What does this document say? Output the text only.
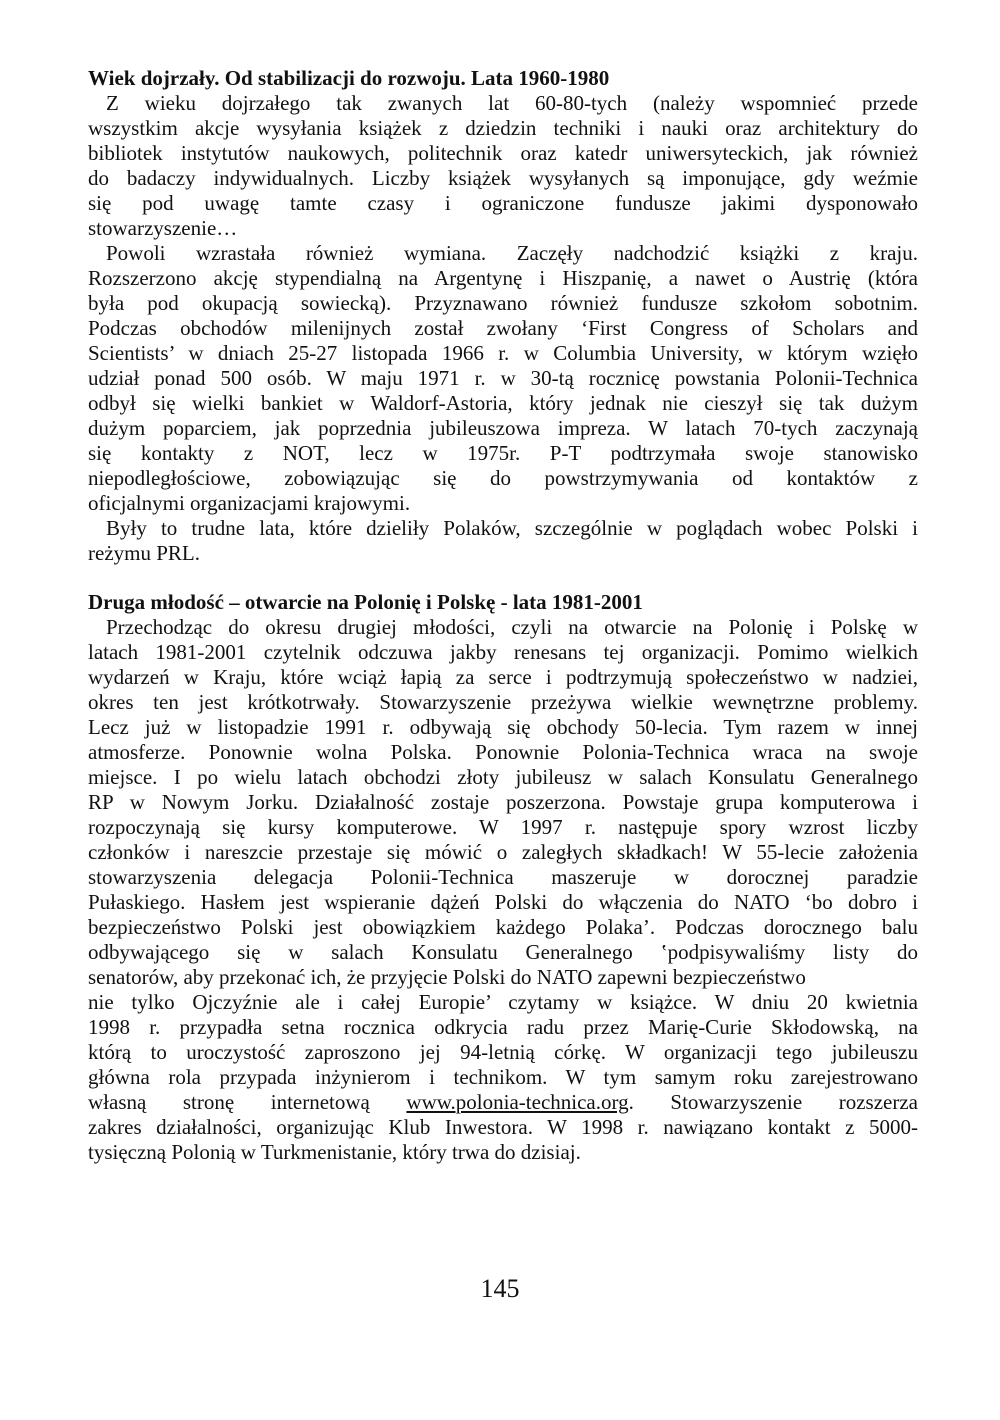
Wiek dojrzały. Od stabilizacji do rozwoju. Lata 1960-1980
Z wieku dojrzałego tak zwanych lat 60-80-tych (należy wspomnieć przede
wszystkim akcje wysyłania książek z dziedzin techniki i nauki oraz architektury do
bibliotek instytutów naukowych, politechnik oraz katedr uniwersyteckich, jak również
do badaczy indywidualnych. Liczby książek wysyłanych są imponujące, gdy weźmie
się pod uwagę tamte czasy i ograniczone fundusze jakimi dysponowało
stowarzyszenie…
Powoli wzrastała również wymiana. Zaczęły nadchodzić książki z kraju.
Rozszerzono akcję stypendialną na Argentynę i Hiszpanię, a nawet o Austrię (która
była pod okupacją sowiecką). Przyznawano również fundusze szkołom sobotnim.
Podczas obchodów milenijnych został zwołany ‘First Congress of Scholars and
Scientists’ w dniach 25-27 listopada 1966 r. w Columbia University, w którym wzięło
udział ponad 500 osób. W maju 1971 r. w 30-tą rocznicę powstania Polonii-Technica
odbył się wielki bankiet w Waldorf-Astoria, który jednak nie cieszył się tak dużym
dużym poparciem, jak poprzednia jubileuszowa impreza. W latach 70-tych zaczynają
się kontakty z NOT, lecz w 1975r. P-T podtrzymała swoje stanowisko
niepodległościowe, zobowiązując się do powstrzymywania od kontaktów z
oficjalnymi organizacjami krajowymi.
Były to trudne lata, które dzieliły Polaków, szczególnie w poglądach wobec Polski i
reżymu PRL.
Druga młodość – otwarcie na Polonię i Polskę - lata 1981-2001
Przechodząc do okresu drugiej młodości, czyli na otwarcie na Polonię i Polskę w
latach 1981-2001 czytelnik odczuwa jakby renesans tej organizacji. Pomimo wielkich
wydarzeń w Kraju, które wciąż łapią za serce i podtrzymują społeczeństwo w nadziei,
okres ten jest krótkotrwały. Stowarzyszenie przeżywa wielkie wewnętrzne problemy.
Lecz już w listopadzie 1991 r. odbywają się obchody 50-lecia. Tym razem w innej
atmosferze. Ponownie wolna Polska. Ponownie Polonia-Technica wraca na swoje
miejsce. I po wielu latach obchodzi złoty jubileusz w salach Konsulatu Generalnego
RP w Nowym Jorku. Działalność zostaje poszerzona. Powstaje grupa komputerowa i
rozpoczynają się kursy komputerowe. W 1997 r. następuje spory wzrost liczby
członków i nareszcie przestaje się mówić o zaległych składkach! W 55-lecie założenia
stowarzyszenia delegacja Polonii-Technica maszeruje w dorocznej paradzie
Pułaskiego. Hasłem jest wspieranie dążeń Polski do włączenia do NATO ‘bo dobro i
bezpieczeństwo Polski jest obowiązkiem każdego Polaka’. Podczas dorocznego balu
odbywającego się w salach Konsulatu Generalnego ‛podpisywaliśmy listy do
senatorów, aby przekonać ich, że przyjęcie Polski do NATO zapewni bezpieczeństwo
nie tylko Ojczyźnie ale i całej Europie’ czytamy w książce. W dniu 20 kwietnia
1998 r. przypadła setna rocznica odkrycia radu przez Marię-Curie Skłodowską, na
którą to uroczystość zaproszono jej 94-letnią córkę. W organizacji tego jubileuszu
główna rola przypada inżynierom i technikom. W tym samym roku zarejestrowano
własną stronę internetową www.polonia-technica.org. Stowarzyszenie rozszerza
zakres działalności, organizując Klub Inwestora. W 1998 r. nawiązano kontakt z 5000-
tysięczną Polonią w Turkmenistanie, który trwa do dzisiaj.
145
